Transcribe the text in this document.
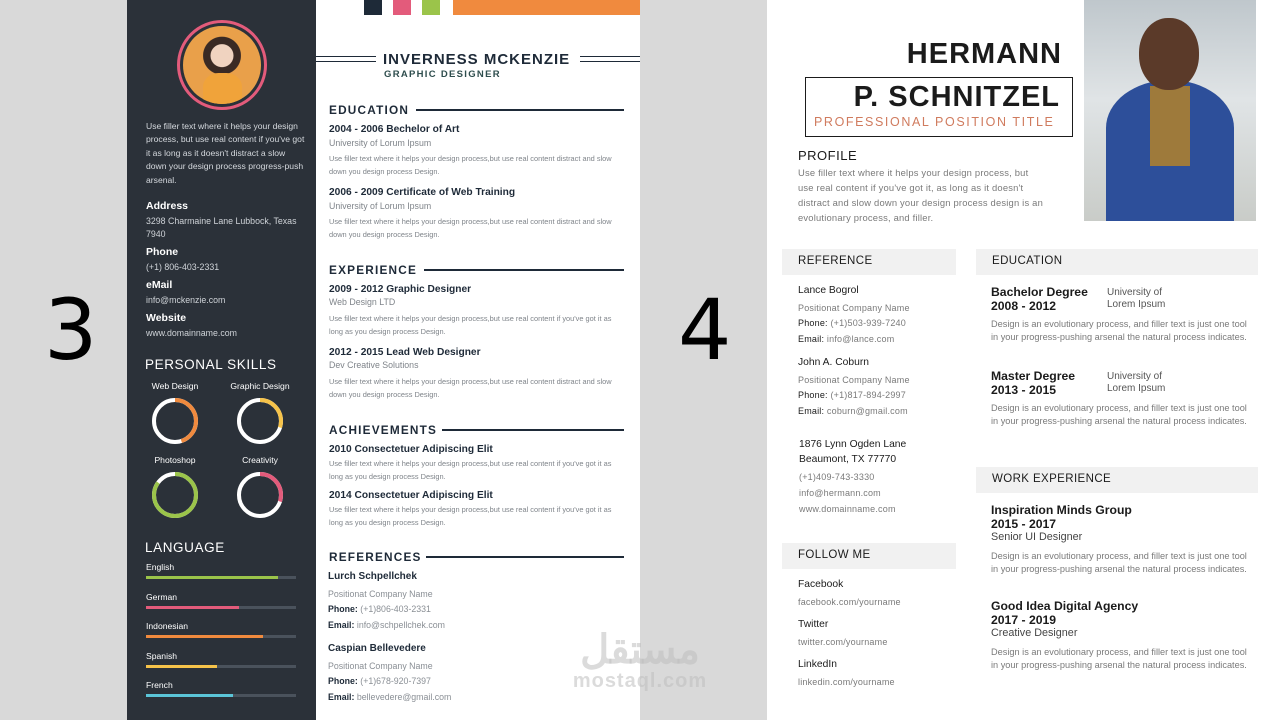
3	4
Use filler text where it helps your design process, but use real content if you've got it as long as it doesn't distract a slow down your design process progress-push arsenal.
Address
3298 Charmaine Lane Lubbock, Texas 7940
Phone
(+1) 806-403-2331
eMail
info@mckenzie.com
Website
www.domainname.com
PERSONAL SKILLS
LANGUAGE
Web Design	Graphic Design
Photoshop	Creativity
English
German
Indonesian
Spanish
French
INVERNESS MCKENZIE
GRAPHIC DESIGNER
EDUCATION
2004 - 2006 Bechelor of Art
University of Lorum Ipsum
Use filler text where it helps your design process,but use real content distract and slow down you design process Design.
2006 - 2009 Certificate of Web Training
University of Lorum Ipsum
Use filler text where it helps your design process,but use real content distract and slow down you design process Design.
EXPERIENCE
2009 - 2012 Graphic Designer
Web Design LTD
Use filler text where it helps your design process,but use real content if you've got it as long as you design process Design.
2012 - 2015 Lead Web Designer
Dev Creative Solutions
Use filler text where it helps your design process,but use real content distract and slow down you design process Design.
ACHIEVEMENTS
2010 Consectetuer Adipiscing Elit
Use filler text where it helps your design process,but use real content if you've got it as long as you design process Design.
2014 Consectetuer Adipiscing Elit
Use filler text where it helps your design process,but use real content if you've got it as long as you design process Design.
REFERENCES
Lurch Schpellchek
Positionat Company Name
Phone: (+1)806-403-2331
Email: info@schpellchek.com
Caspian Bellevedere
Positionat Company Name
Phone: (+1)678-920-7397
Email: bellevedere@gmail.com
HERMANN
P. SCHNITZEL
PROFESSIONAL POSITION TITLE
PROFILE
Use filler text where it helps your design process, but use real content if you've got it, as long as it doesn't distract and slow down your design process design is an evolutionary process, and filler.
REFERENCE
Lance Bogrol
Positionat Company Name
Phone: (+1)503-939-7240
Email: info@lance.com
John A. Coburn
Positionat Company Name
Phone: (+1)817-894-2997
Email: coburn@gmail.com
1876 Lynn Ogden Lane
Beaumont, TX 77770
(+1)409-743-3330
info@hermann.com
www.domainname.com
FOLLOW ME
Facebook
facebook.com/yourname
Twitter
twitter.com/yourname
LinkedIn
linkedin.com/yourname
EDUCATION
Bachelor Degree
2008 - 2012
University of
Lorem Ipsum
Design is an evolutionary process, and filler text is just one tool in your progress-pushing arsenal the natural process indicates.
Master Degree
2013 - 2015
University of
Lorem Ipsum
Design is an evolutionary process, and filler text is just one tool in your progress-pushing arsenal the natural process indicates.
WORK EXPERIENCE
Inspiration Minds Group
2015 - 2017
Senior UI Designer
Design is an evolutionary process, and filler text is just one tool in your progress-pushing arsenal the natural process indicates.
Good Idea Digital Agency
2017 - 2019
Creative Designer
Design is an evolutionary process, and filler text is just one tool in your progress-pushing arsenal the natural process indicates.
مستقل
mostaql.com
